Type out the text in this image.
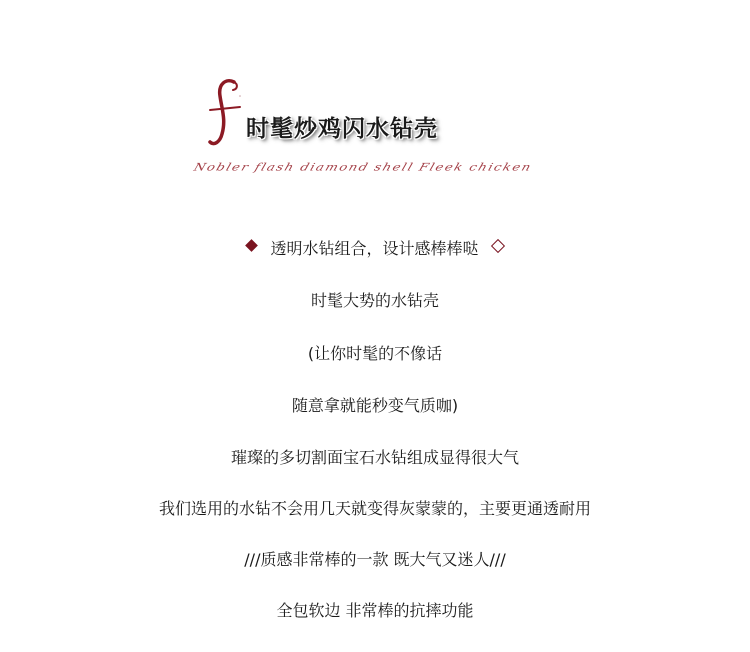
时髦炒鸡闪水钻壳
Nobler flash diamond shell Fleek chicken
透明水钻组合，设计感棒棒哒
时髦大势的水钻壳
(让你时髦的不像话
随意拿就能秒变气质咖)
璀璨的多切割面宝石水钻组成显得很大气
我们选用的水钻不会用几天就变得灰蒙蒙的，主要更通透耐用
///质感非常棒的一款 既大气又迷人///
全包软边 非常棒的抗摔功能
